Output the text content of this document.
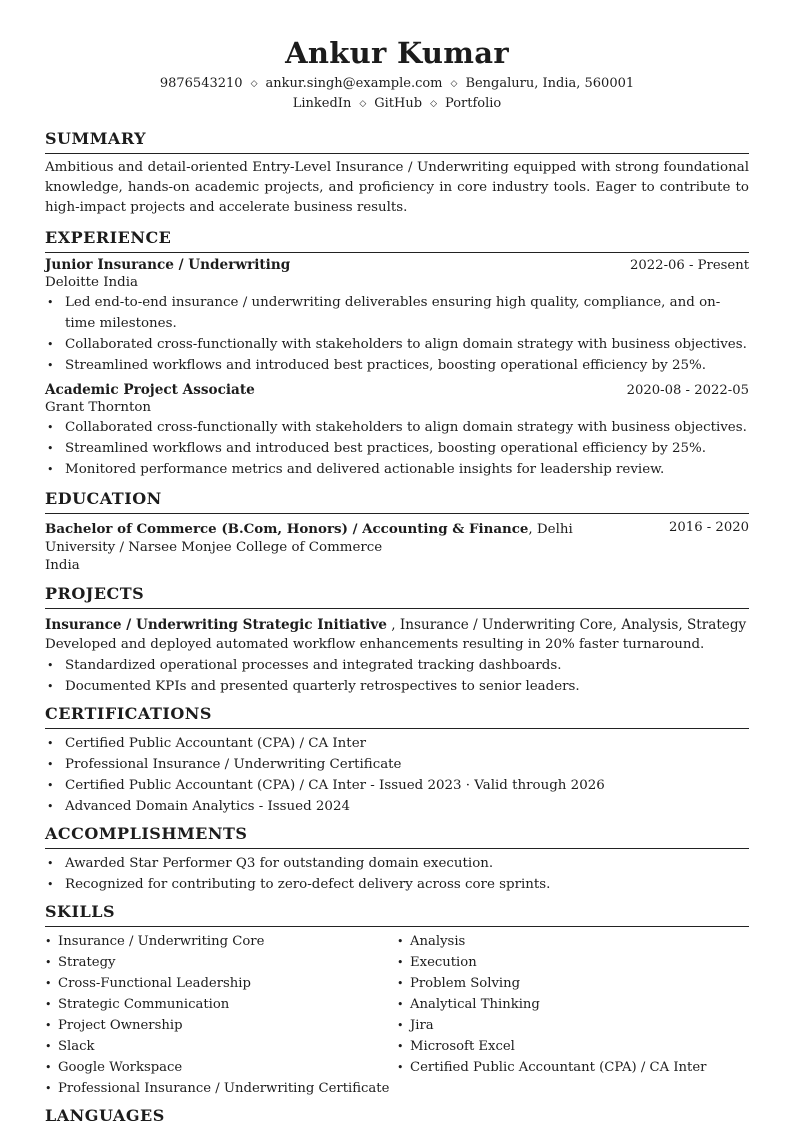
Ankur Kumar
9876543210 ◇ ankur.singh@example.com ◇ Bengaluru, India, 560001
LinkedIn ◇ GitHub ◇ Portfolio
SUMMARY
Ambitious and detail-oriented Entry-Level Insurance / Underwriting equipped with strong foundational knowledge, hands-on academic projects, and proficiency in core industry tools. Eager to contribute to high-impact projects and accelerate business results.
EXPERIENCE
Junior Insurance / Underwriting	2022-06 - Present
Deloitte India
• Led end-to-end insurance / underwriting deliverables ensuring high quality, compliance, and on-time milestones.
• Collaborated cross-functionally with stakeholders to align domain strategy with business objectives.
• Streamlined workflows and introduced best practices, boosting operational efficiency by 25%.
Academic Project Associate	2020-08 - 2022-05
Grant Thornton
• Collaborated cross-functionally with stakeholders to align domain strategy with business objectives.
• Streamlined workflows and introduced best practices, boosting operational efficiency by 25%.
• Monitored performance metrics and delivered actionable insights for leadership review.
EDUCATION
Bachelor of Commerce (B.Com, Honors) / Accounting & Finance, Delhi University / Narsee Monjee College of Commerce
India
2016 - 2020
PROJECTS
Insurance / Underwriting Strategic Initiative , Insurance / Underwriting Core, Analysis, Strategy
Developed and deployed automated workflow enhancements resulting in 20% faster turnaround.
• Standardized operational processes and integrated tracking dashboards.
• Documented KPIs and presented quarterly retrospectives to senior leaders.
CERTIFICATIONS
• Certified Public Accountant (CPA) / CA Inter
• Professional Insurance / Underwriting Certificate
• Certified Public Accountant (CPA) / CA Inter - Issued 2023 · Valid through 2026
• Advanced Domain Analytics - Issued 2024
ACCOMPLISHMENTS
• Awarded Star Performer Q3 for outstanding domain execution.
• Recognized for contributing to zero-defect delivery across core sprints.
SKILLS
• Insurance / Underwriting Core
• Strategy
• Cross-Functional Leadership
• Strategic Communication
• Project Ownership
• Slack
• Google Workspace
• Professional Insurance / Underwriting Certificate
• Analysis
• Execution
• Problem Solving
• Analytical Thinking
• Jira
• Microsoft Excel
• Certified Public Accountant (CPA) / CA Inter
LANGUAGES
